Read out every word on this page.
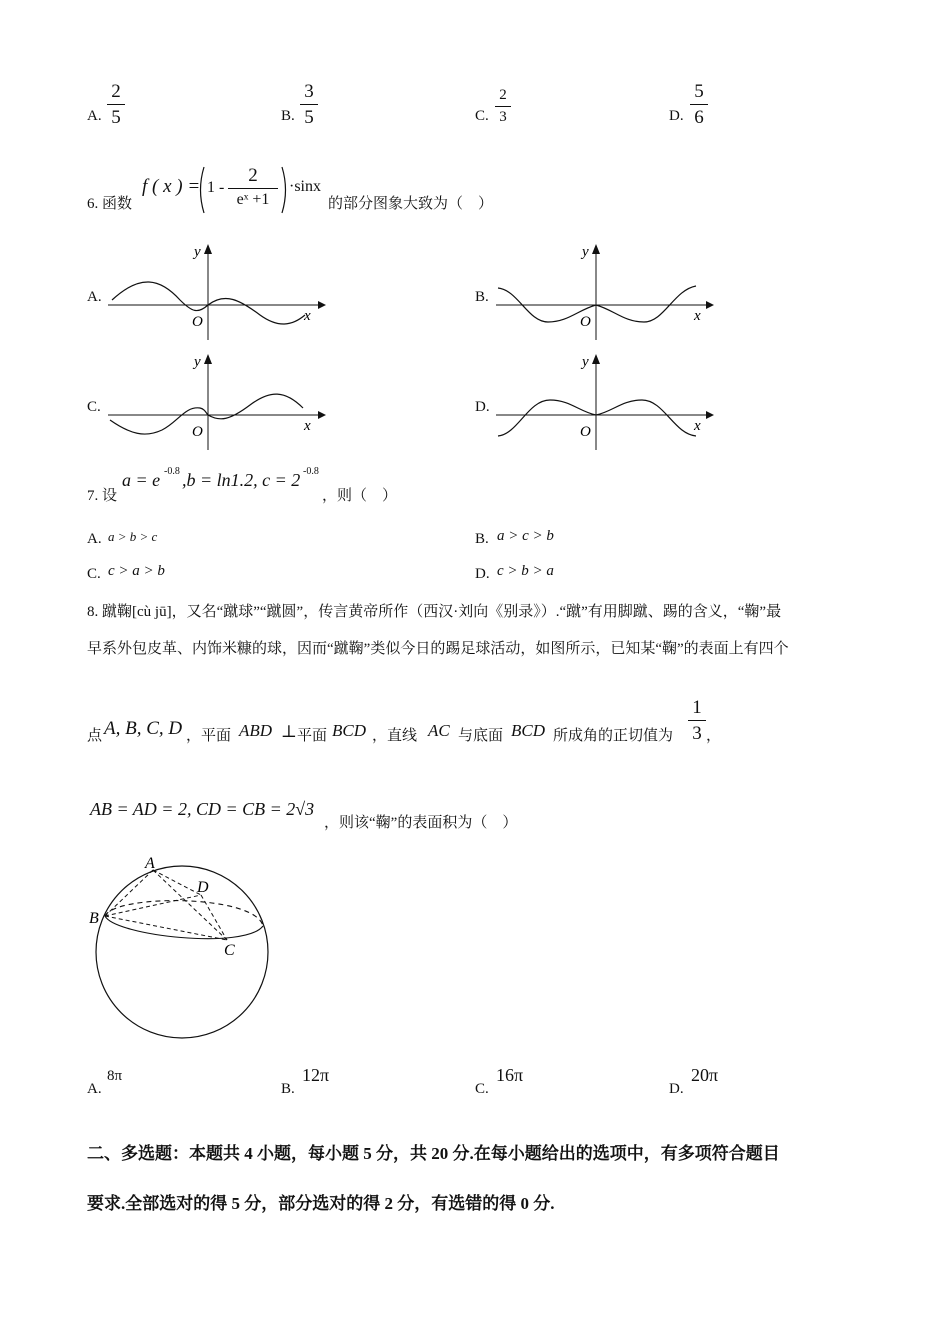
A.
2
5	B.
3
5	C.
2
3	D.
5
6
6. 函数
f ( x ) = 1 -
2
eˣ +1
·sinx
的部分图象大致为（　）
A.	B.
C.	D.
y
x
O
y
x
O
y
x
O
y
x
O
7. 设
a = e -0.8 ,b = ln1.2, c = 2 -0.8
，则（　）
A. a > b > c	B. a > c > b
C. c > a > b	D. c > b > a
8. 蹴鞠[cù jū]，又名“蹴球”“蹴圆”，传言黄帝所作（西汉·刘向《别录》）.“蹴”有用脚蹴、踢的含义，“鞠”最
早系外包皮革、内饰米糠的球，因而“蹴鞠”类似今日的踢足球活动，如图所示，已知某“鞠”的表面上有四个
点 A, B, C, D ，平面 ABD ⊥ 平面 BCD ，直线 AC 与底面 BCD 所成角的正切值为
1
3 ，
AB = AD = 2, CD = CB = 2√3
，则该“鞠”的表面积为（　）
A
B
C
D
A.
8π
B.
12π
C.
16π
D.
20π
二、多选题：本题共 4 小题，每小题 5 分，共 20 分.在每小题给出的选项中，有多项符合题目
要求.全部选对的得 5 分，部分选对的得 2 分，有选错的得 0 分.
